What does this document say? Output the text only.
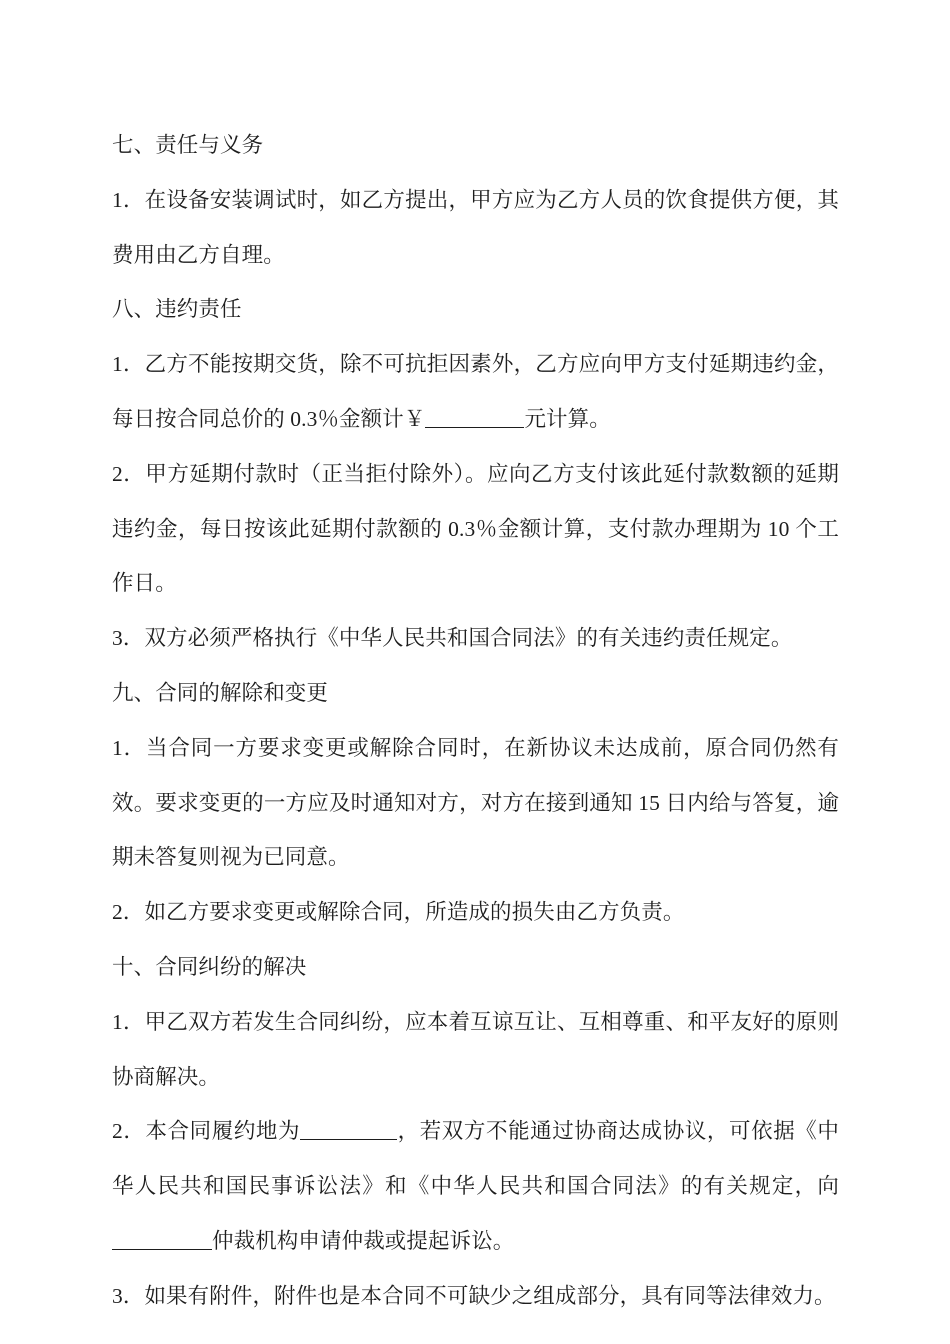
七、责任与义务

1．在设备安装调试时，如乙方提出，甲方应为乙方人员的饮食提供方便，其费用由乙方自理。

八、违约责任

1．乙方不能按期交货，除不可抗拒因素外，乙方应向甲方支付延期违约金，每日按合同总价的 0.3％金额计￥	元计算。

2．甲方延期付款时（正当拒付除外）。应向乙方支付该此延付款数额的延期违约金，每日按该此延期付款额的 0.3％金额计算，支付款办理期为 10 个工作日。

3．双方必须严格执行《中华人民共和国合同法》的有关违约责任规定。

九、合同的解除和变更

1．当合同一方要求变更或解除合同时，在新协议未达成前，原合同仍然有效。要求变更的一方应及时通知对方，对方在接到通知 15 日内给与答复，逾期未答复则视为已同意。

2．如乙方要求变更或解除合同，所造成的损失由乙方负责。

十、合同纠纷的解决

1．甲乙双方若发生合同纠纷，应本着互谅互让、互相尊重、和平友好的原则协商解决。

2．本合同履约地为	，若双方不能通过协商达成协议，可依据《中华人民共和国民事诉讼法》和《中华人民共和国合同法》的有关规定，向仲裁机构申请仲裁或提起诉讼。

3．如果有附件，附件也是本合同不可缺少之组成部分，具有同等法律效力。
